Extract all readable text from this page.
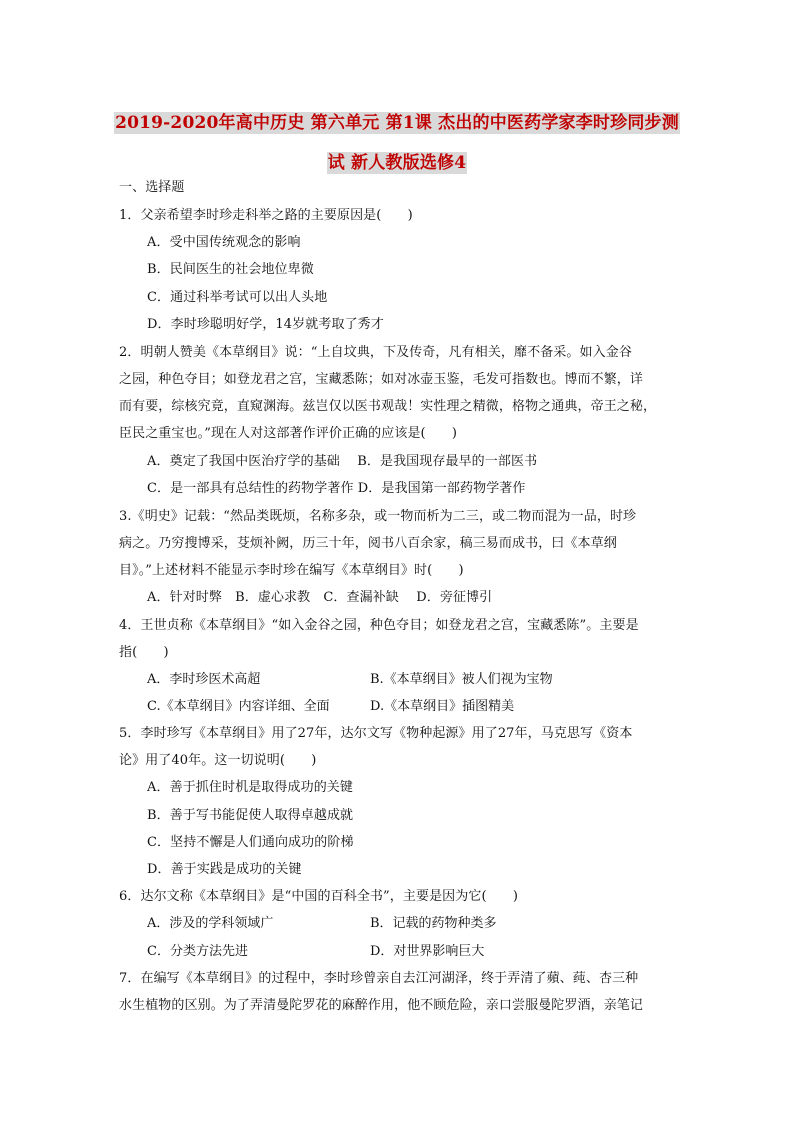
2019-2020年高中历史 第六单元 第1课 杰出的中医药学家李时珍同步测
试 新人教版选修4
一、选择题
1．父亲希望李时珍走科举之路的主要原因是(　　)
A．受中国传统观念的影响
B．民间医生的社会地位卑微
C．通过科举考试可以出人头地
D．李时珍聪明好学，14岁就考取了秀才
2．明朝人赞美《本草纲目》说：“上自坟典，下及传奇，凡有相关，靡不备采。如入金谷
之园，种色夺目；如登龙君之宫，宝藏悉陈；如对冰壶玉鉴，毛发可指数也。博而不繁，详
而有要，综核究竟，直窥渊海。兹岂仅以医书观哉！实性理之精微，格物之通典，帝王之秘，
臣民之重宝也。”现在人对这部著作评价正确的应该是(　　)
A．奠定了我国中医治疗学的基础　 B．是我国现存最早的一部医书
C．是一部具有总结性的药物学著作 D．是我国第一部药物学著作
3.《明史》记载：“然品类既烦，名称多杂，或一物而析为二三，或二物而混为一品，时珍
病之。乃穷搜博采，芟烦补阙，历三十年，阅书八百余家，稿三易而成书，曰《本草纲
目》。”上述材料不能显示李时珍在编写《本草纲目》时(　　)
A．针对时弊　B．虚心求教　C．查漏补缺　 D．旁征博引
4．王世贞称《本草纲目》“如入金谷之园，种色夺目；如登龙君之宫，宝藏悉陈”。主要是
指(　　)
A．李时珍医术高超	B.《本草纲目》被人们视为宝物
C.《本草纲目》内容详细、全面	D.《本草纲目》插图精美
5．李时珍写《本草纲目》用了27年，达尔文写《物种起源》用了27年，马克思写《资本
论》用了40年。这一切说明(　　)
A．善于抓住时机是取得成功的关键
B．善于写书能促使人取得卓越成就
C．坚持不懈是人们通向成功的阶梯
D．善于实践是成功的关键
6．达尔文称《本草纲目》是“中国的百科全书”，主要是因为它(　　)
A．涉及的学科领域广	B．记载的药物种类多
C．分类方法先进	D．对世界影响巨大
7．在编写《本草纲目》的过程中，李时珍曾亲自去江河湖泽，终于弄清了蘋、莼、杏三种
水生植物的区别。为了弄清曼陀罗花的麻醉作用，他不顾危险，亲口尝服曼陀罗酒，亲笔记
